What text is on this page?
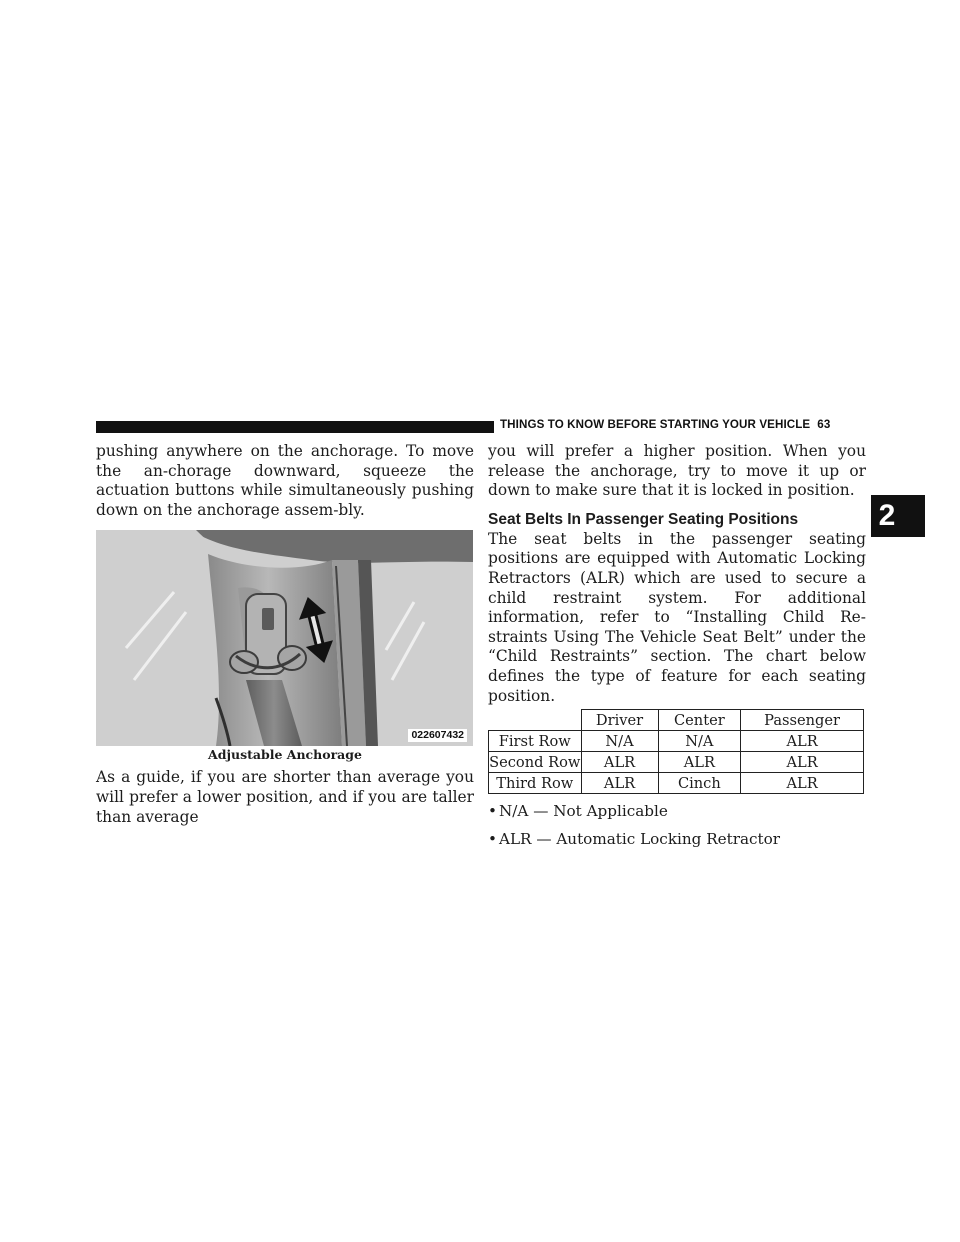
THINGS TO KNOW BEFORE STARTING YOUR VEHICLE 63
2

pushing anywhere on the anchorage. To move the an-chorage downward, squeeze the actuation buttons while simultaneously pushing down on the anchorage assem-bly.

022607432
Adjustable Anchorage

As a guide, if you are shorter than average you will prefer a lower position, and if you are taller than average

you will prefer a higher position. When you release the anchorage, try to move it up or down to make sure that it is locked in position.

Seat Belts In Passenger Seating Positions

The seat belts in the passenger seating positions are equipped with Automatic Locking Retractors (ALR) which are used to secure a child restraint system. For additional information, refer to “Installing Child Re-straints Using The Vehicle Seat Belt” under the “Child Restraints” section. The chart below defines the type of feature for each seating position.

	Driver	Center	Passenger
First Row	N/A	N/A	ALR
Second Row	ALR	ALR	ALR
Third Row	ALR	Cinch	ALR
• N/A — Not Applicable
• ALR — Automatic Locking Retractor
